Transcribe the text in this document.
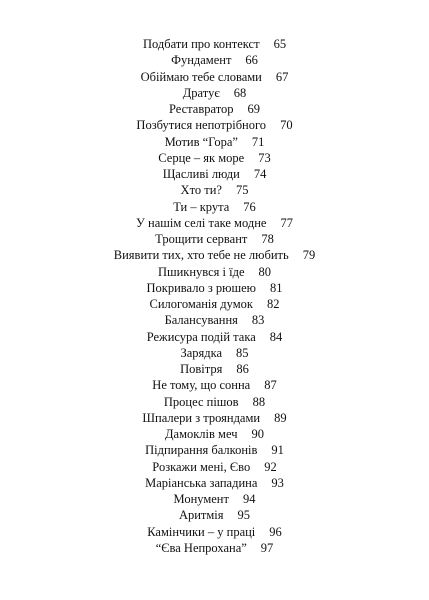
Подбати про контекст 65
Фундамент 66
Обіймаю тебе словами 67
Дратує 68
Реставратор 69
Позбутися непотрібного 70
Мотив “Гора” 71
Серце – як море 73
Щасливі люди 74
Хто ти? 75
Ти – крута 76
У нашім селі таке модне 77
Трощити сервант 78
Виявити тих, хто тебе не любить 79
Пшикнувся і їде 80
Покривало з рюшею 81
Силогоманія думок 82
Балансування 83
Режисура подій така 84
Зарядка 85
Повітря 86
Не тому, що сонна 87
Процес пішов 88
Шпалери з трояндами 89
Дамоклів меч 90
Підпирання балконів 91
Розкажи мені, Єво 92
Маріанська западина 93
Монумент 94
Аритмія 95
Камінчики – у праці 96
“Єва Непрохана” 97
